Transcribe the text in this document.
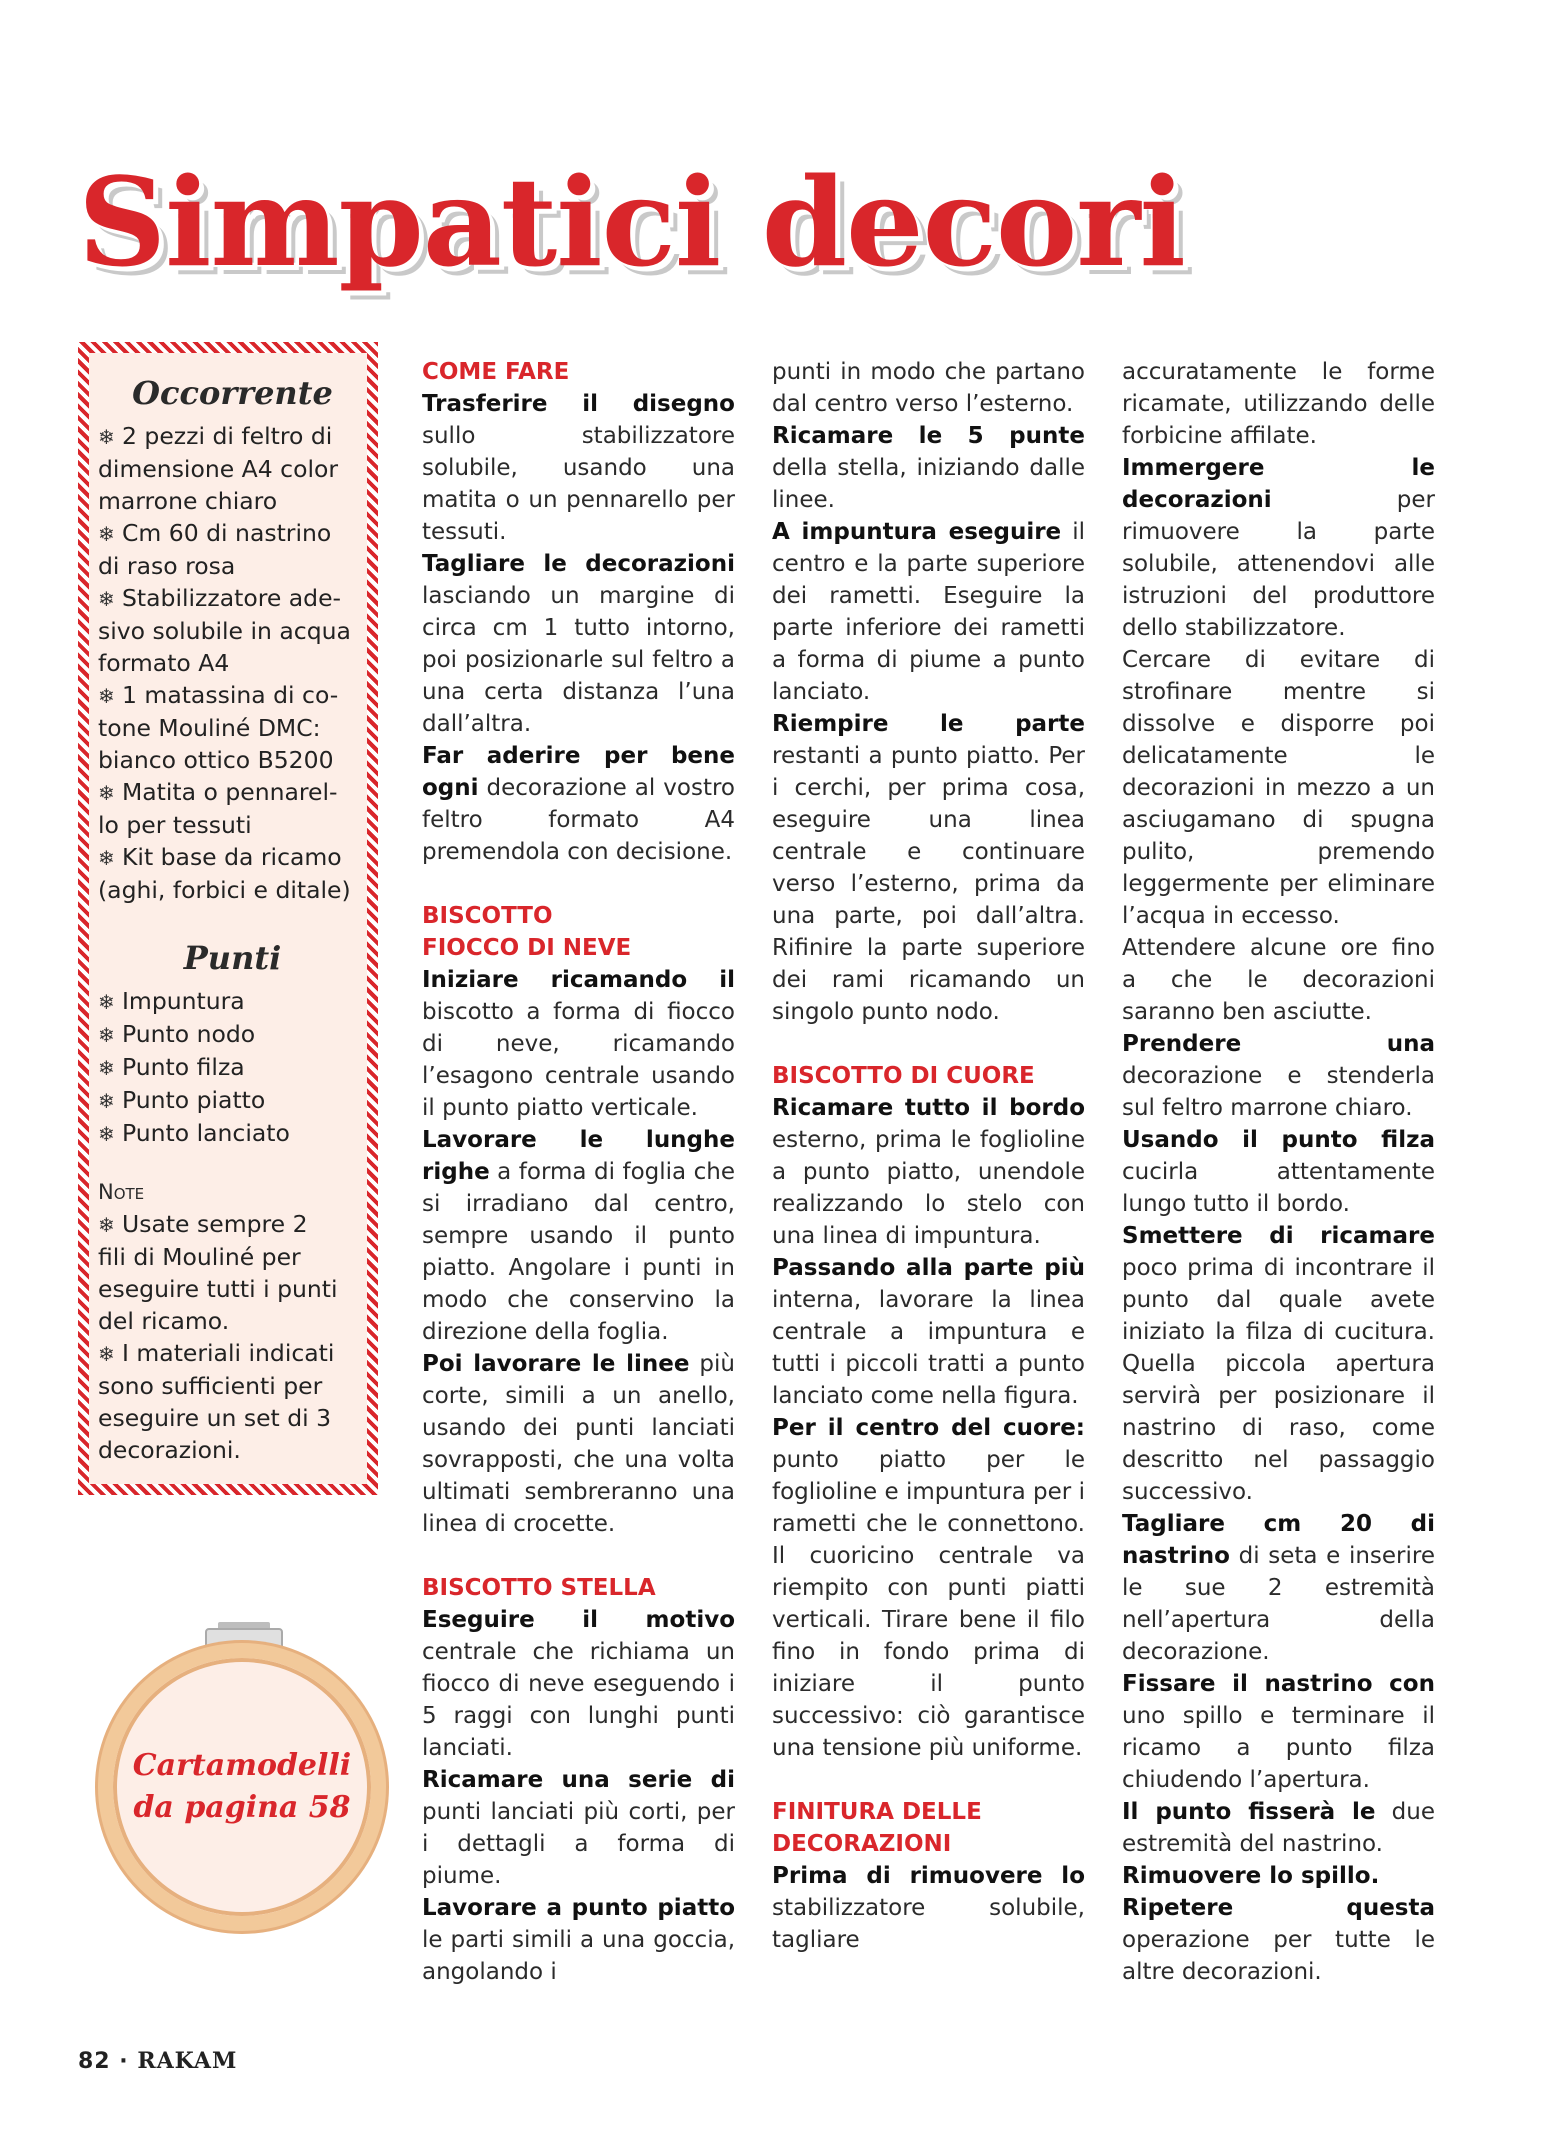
Simpatici decori
Occorrente
❄ 2 pezzi di feltro di
dimensione A4 color
marrone chiaro
❄ Cm 60 di nastrino
di raso rosa
❄ Stabilizzatore ade-
sivo solubile in acqua
formato A4
❄ 1 matassina di co-
tone Mouliné DMC:
bianco ottico B5200
❄ Matita o pennarel-
lo per tessuti
❄ Kit base da ricamo
(aghi, forbici e ditale)
Punti
❄ Impuntura
❄ Punto nodo
❄ Punto filza
❄ Punto piatto
❄ Punto lanciato
Note
❄ Usate sempre 2
fili di Mouliné per
eseguire tutti i punti
del ricamo.
❄ I materiali indicati
sono sufficienti per
eseguire un set di 3
decorazioni.
COME FARE

Trasferire il disegno sullo stabilizzatore solubile, usando una matita o un pennarello per tessuti.

Tagliare le decorazioni lasciando un margine di circa cm 1 tutto intorno, poi posizionarle sul feltro a una certa distanza l’una dall’altra.

Far aderire per bene ogni decorazione al vostro feltro formato A4 premendola con decisione.

BISCOTTO
FIOCCO DI NEVE

Iniziare ricamando il biscotto a forma di fiocco di neve, ricamando l’esagono centrale usando il punto piatto verticale.

Lavorare le lunghe righe a forma di foglia che si irradiano dal centro, sempre usando il punto piatto. Angolare i punti in modo che conservino la direzione della foglia.

Poi lavorare le linee più corte, simili a un anello, usando dei punti lanciati sovrapposti, che una volta ultimati sembreranno una linea di crocette.

BISCOTTO STELLA

Eseguire il motivo centrale che richiama un fiocco di neve eseguendo i 5 raggi con lunghi punti lanciati.

Ricamare una serie di punti lanciati più corti, per i dettagli a forma di piume.

Lavorare a punto piatto le parti simili a una goccia, angolando i

punti in modo che partano dal centro verso l’esterno.

Ricamare le 5 punte della stella, iniziando dalle linee.

A impuntura eseguire il centro e la parte superiore dei rametti. Eseguire la parte inferiore dei rametti a forma di piume a punto lanciato.

Riempire le parte restanti a punto piatto. Per i cerchi, per prima cosa, eseguire una linea centrale e continuare verso l’esterno, prima da una parte, poi dall’altra. Rifinire la parte superiore dei rami ricamando un singolo punto nodo.

BISCOTTO DI CUORE

Ricamare tutto il bordo esterno, prima le foglioline a punto piatto, unendole realizzando lo stelo con una linea di impuntura.

Passando alla parte più interna, lavorare la linea centrale a impuntura e tutti i piccoli tratti a punto lanciato come nella figura.

Per il centro del cuore: punto piatto per le foglioline e impuntura per i rametti che le connettono. Il cuoricino centrale va riempito con punti piatti verticali. Tirare bene il filo fino in fondo prima di iniziare il punto successivo: ciò garantisce una tensione più uniforme.

FINITURA DELLE
DECORAZIONI

Prima di rimuovere lo stabilizzatore solubile, tagliare

accuratamente le forme ricamate, utilizzando delle forbicine affilate.

Immergere le decorazioni per rimuovere la parte solubile, attenendovi alle istruzioni del produttore dello stabilizzatore.

Cercare di evitare di strofinare mentre si dissolve e disporre poi delicatamente le decorazioni in mezzo a un asciugamano di spugna pulito, premendo leggermente per eliminare l’acqua in eccesso.

Attendere alcune ore fino a che le decorazioni saranno ben asciutte.

Prendere una decorazione e stenderla sul feltro marrone chiaro.

Usando il punto filza cucirla attentamente lungo tutto il bordo.

Smettere di ricamare poco prima di incontrare il punto dal quale avete iniziato la filza di cucitura. Quella piccola apertura servirà per posizionare il nastrino di raso, come descritto nel passaggio successivo.

Tagliare cm 20 di nastrino di seta e inserire le sue 2 estremità nell’apertura della decorazione.

Fissare il nastrino con uno spillo e terminare il ricamo a punto filza chiudendo l’apertura.

Il punto fisserà le due estremità del nastrino.

Rimuovere lo spillo.

Ripetere questa operazione per tutte le altre decorazioni.

Cartamodelli
da pagina 58
82 · RAKAM
